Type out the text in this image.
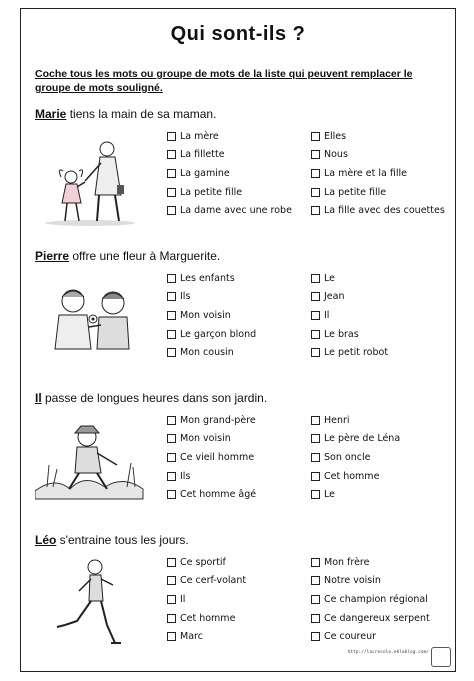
Qui sont-ils ?
Coche tous les mots ou groupe de mots de la liste qui peuvent remplacer le groupe de mots souligné.
Marie tiens la main de sa maman.
La mère
La fillette
La gamine
La petite fille
La dame avec une robe
Elles
Nous
La mère et la fille
La petite fille
La fille avec des couettes
Pierre offre une fleur à Marguerite.
Les enfants
Ils
Mon voisin
Le garçon blond
Mon cousin
Le
Jean
Il
Le bras
Le petit robot
Il passe de longues heures dans son jardin.
Mon grand-père
Mon voisin
Ce vieil homme
Ils
Cet homme âgé
Henri
Le père de Léna
Son oncle
Cet homme
Le
Léo s'entraine tous les jours.
Ce sportif
Ce cerf-volant
Il
Cet homme
Marc
Mon frère
Notre voisin
Ce champion régional
Ce dangereux serpent
Ce coureur
http://lacrecole.eklablog.com/
